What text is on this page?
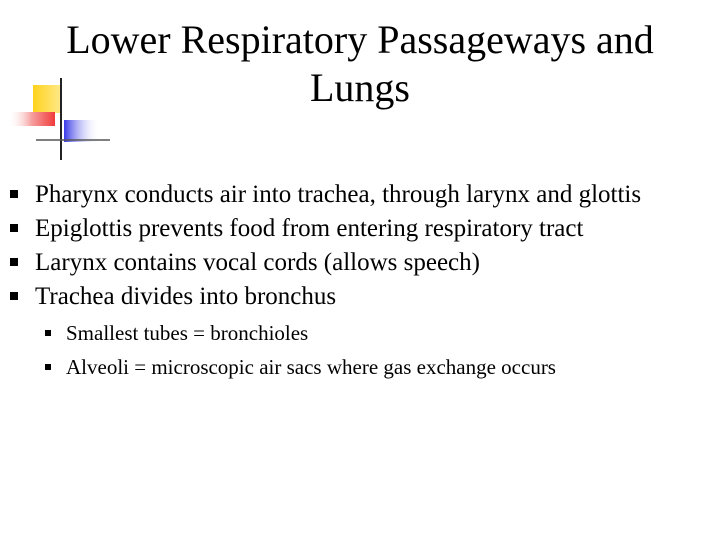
Lower Respiratory Passageways and
Lungs
Pharynx conducts air into trachea, through larynx and glottis
Epiglottis prevents food from entering respiratory tract
Larynx contains vocal cords (allows speech)
Trachea divides into bronchus
Smallest tubes = bronchioles
Alveoli = microscopic air sacs where gas exchange occurs
